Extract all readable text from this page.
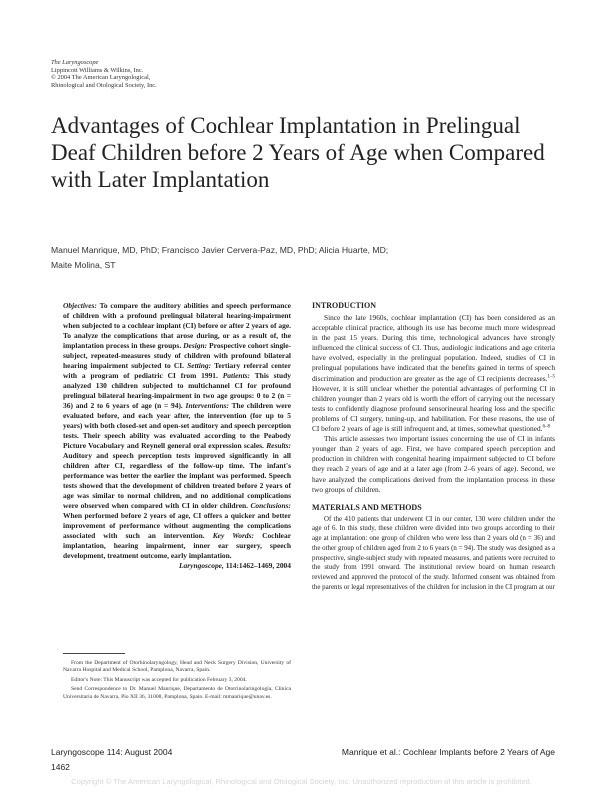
The Laryngoscope
Lippincott Williams & Wilkins, Inc.
© 2004 The American Laryngological,
Rhinological and Otological Society, Inc.
Advantages of Cochlear Implantation in Prelingual Deaf Children before 2 Years of Age when Compared with Later Implantation
Manuel Manrique, MD, PhD; Francisco Javier Cervera-Paz, MD, PhD; Alicia Huarte, MD;
Maite Molina, ST

Objectives: To compare the auditory abilities and speech performance of children with a profound prelingual bilateral hearing-impairment when subjected to a cochlear implant (CI) before or after 2 years of age. To analyze the complications that arose during, or as a result of, the implantation process in these groups. Design: Prospective cohort single-subject, repeated-measures study of children with profound bilateral hearing impairment subjected to CI. Setting: Tertiary referral center with a program of pediatric CI from 1991. Patients: This study analyzed 130 children subjected to multichannel CI for profound prelingual bilateral hearing-impairment in two age groups: 0 to 2 (n = 36) and 2 to 6 years of age (n = 94). Interventions: The children were evaluated before, and each year after, the intervention (for up to 5 years) with both closed-set and open-set auditory and speech perception tests. Their speech ability was evaluated according to the Peabody Picture Vocabulary and Reynell general oral expression scales. Results: Auditory and speech perception tests improved significantly in all children after CI, regardless of the follow-up time. The infant's performance was better the earlier the implant was performed. Speech tests showed that the development of children treated before 2 years of age was similar to normal children, and no additional complications were observed when compared with CI in older children. Conclusions: When performed before 2 years of age, CI offers a quicker and better improvement of performance without augmenting the complications associated with such an intervention. Key Words: Cochlear implantation, hearing impairment, inner ear surgery, speech development, treatment outcome, early implantation.
Laryngoscope, 114:1462–1469, 2004

From the Department of Otorhinolaryngology, Head and Neck Surgery Division, University of Navarra Hospital and Medical School, Pamplona, Navarra, Spain.

Editor's Note: This Manuscript was accepted for publication February 3, 2004.

Send Correspondence to Dr. Manuel Manrique, Departamento de Otorrinolaringología, Clínica Universitaria de Navarra, Pío XII 36, 31008, Pamplona, Spain. E-mail: mmanrique@unav.es.

INTRODUCTION

Since the late 1960s, cochlear implantation (CI) has been considered as an acceptable clinical practice, although its use has become much more widespread in the past 15 years. During this time, technological advances have strongly influenced the clinical success of CI. Thus, audiologic indications and age criteria have evolved, especially in the prelingual population. Indeed, studies of CI in prelingual populations have indicated that the benefits gained in terms of speech discrimination and production are greater as the age of CI recipients decreases.$^{1-5}$ However, it is still unclear whether the potential advantages of performing CI in children younger than 2 years old is worth the effort of carrying out the necessary tests to confidently diagnose profound sensorineural hearing loss and the specific problems of CI surgery, tuning-up, and habilitation. For these reasons, the use of CI before 2 years of age is still infrequent and, at times, somewhat questioned.$^{6-8}$

This article assesses two important issues concerning the use of CI in infants younger than 2 years of age. First, we have compared speech perception and production in children with congenital hearing impairment subjected to CI before they reach 2 years of age and at a later age (from 2–6 years of age). Second, we have analyzed the complications derived from the implantation process in these two groups of children.

MATERIALS AND METHODS

Of the 410 patients that underwent CI in our center, 130 were children under the age of 6. In this study, these children were divided into two groups according to their age at implantation: one group of children who were less than 2 years old (n = 36) and the other group of children aged from 2 to 6 years (n = 94). The study was designed as a prospective, single-subject study with repeated measures, and patients were recruited to the study from 1991 onward. The institutional review board on human research reviewed and approved the protocol of the study. Informed consent was obtained from the parents or legal representatives of the children for inclusion in the CI program at our

Laryngoscope 114: August 2004	Manrique et al.: Cochlear Implants before 2 Years of Age
1462
Copyright © The American Laryngological, Rhinological and Otological Society, Inc. Unauthorized reproduction of this article is prohibited.
